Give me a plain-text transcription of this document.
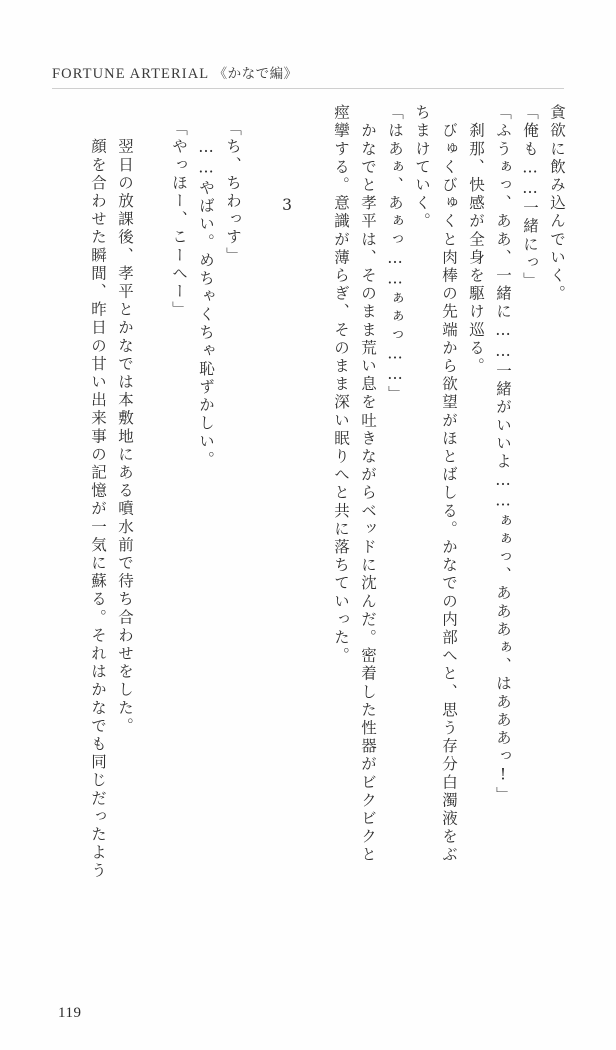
FORTUNE ARTERIAL 《かなで編》
貪欲に飲み込んでいく。
「俺も……一緒にっ」
「ふうぁっ、ああ、一緒に……一緒がいいよ……ぁぁっ、あああぁ、はあああっ!」
　刹那、快感が全身を駆け巡る。
　びゅくびゅくと肉棒の先端から欲望がほとばしる。かなでの内部へと、思う存分白濁液をぶ
ちまけていく。
「はあぁ、あぁっ……ぁぁっ……」
　かなでと孝平は、そのまま荒い息を吐きながらベッドに沈んだ。密着した性器がビクビクと
痙攣する。意識が薄らぎ、そのまま深い眠りへと共に落ちていった。
3
「ち、ちわっす」
　……やばい。めちゃくちゃ恥ずかしい。
「やっほー、こーへー」
　翌日の放課後、孝平とかなでは本敷地にある噴水前で待ち合わせをした。
　顔を合わせた瞬間、昨日の甘い出来事の記憶が一気に蘇る。それはかなでも同じだったよう
119
